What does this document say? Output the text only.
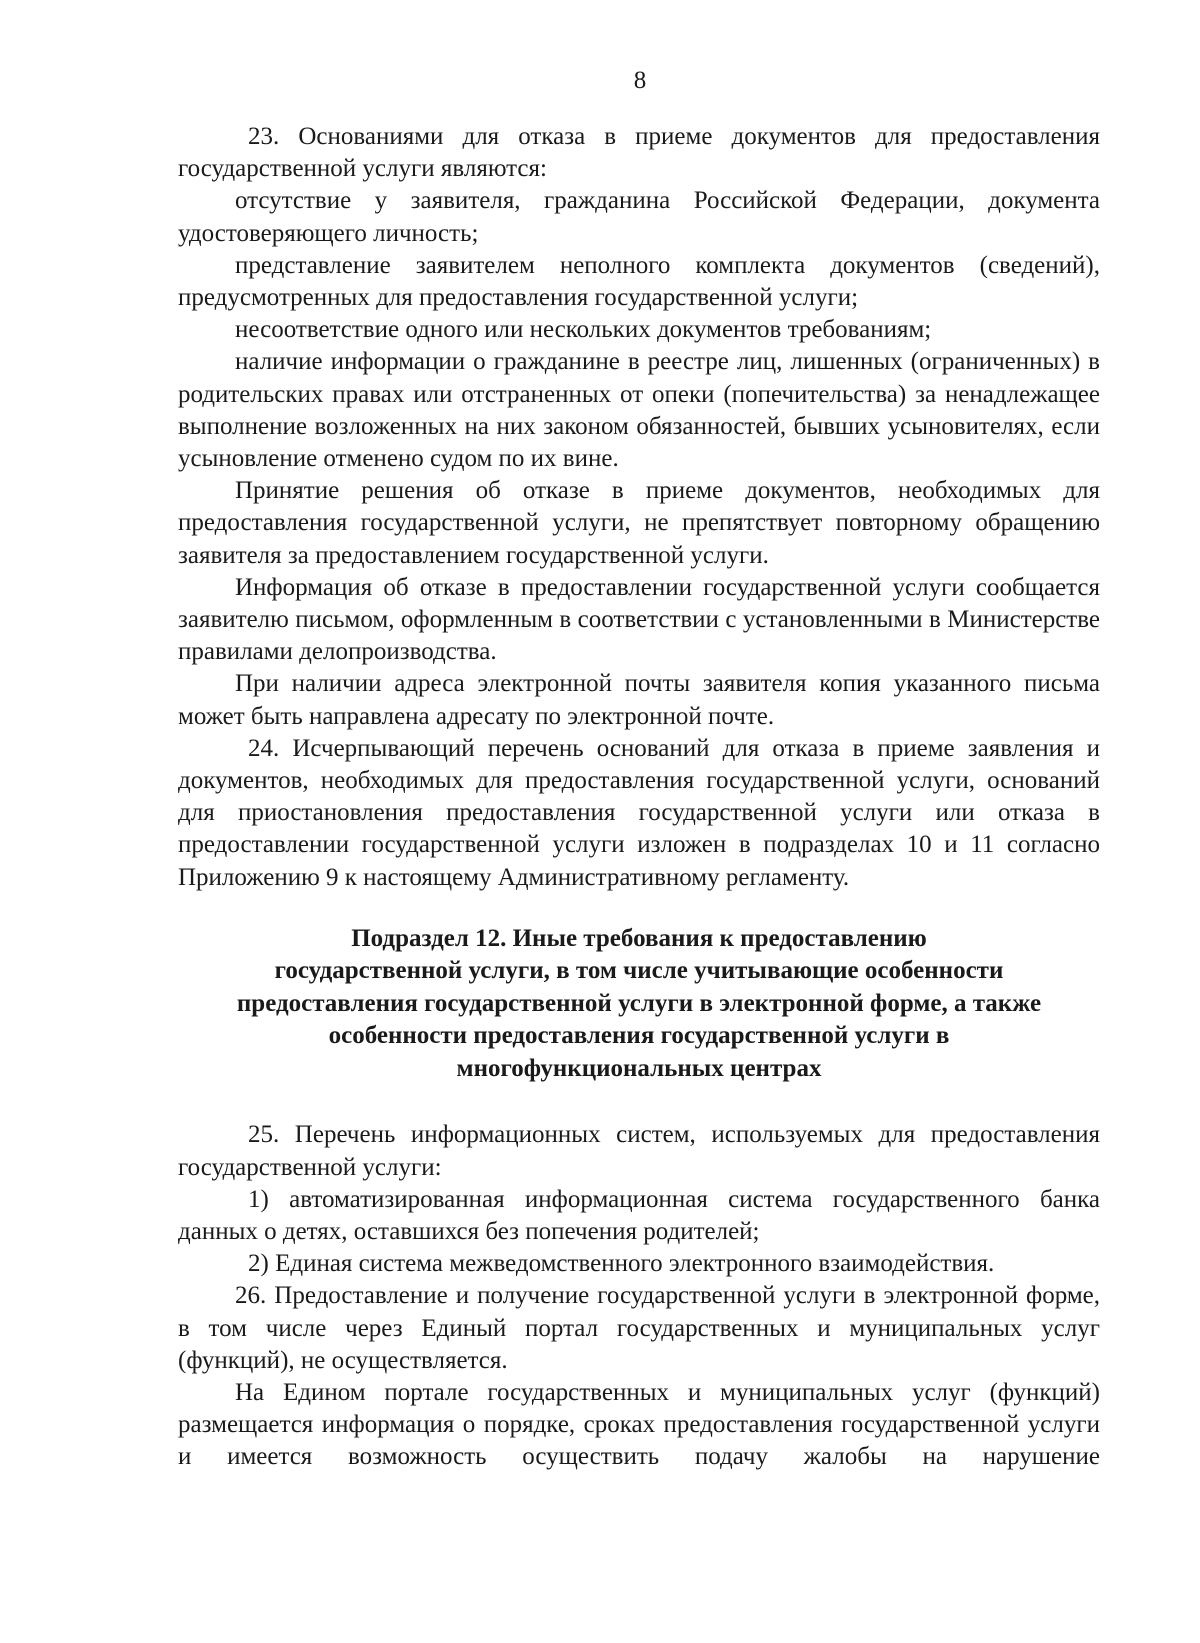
8

23. Основаниями для отказа в приеме документов для предоставления государственной услуги являются:

отсутствие у заявителя, гражданина Российской Федерации, документа удостоверяющего личность;

представление заявителем неполного комплекта документов (сведений), предусмотренных для предоставления государственной услуги;

несоответствие одного или нескольких документов требованиям;

наличие информации о гражданине в реестре лиц, лишенных (ограниченных) в родительских правах или отстраненных от опеки (попечительства) за ненадлежащее выполнение возложенных на них законом обязанностей, бывших усыновителях, если усыновление отменено судом по их вине.

Принятие решения об отказе в приеме документов, необходимых для предоставления государственной услуги, не препятствует повторному обращению заявителя за предоставлением государственной услуги.

Информация об отказе в предоставлении государственной услуги сообщается заявителю письмом, оформленным в соответствии с установленными в Министерстве правилами делопроизводства.

При наличии адреса электронной почты заявителя копия указанного письма может быть направлена адресату по электронной почте.

24. Исчерпывающий перечень оснований для отказа в приеме заявления и документов, необходимых для предоставления государственной услуги, оснований для приостановления предоставления государственной услуги или отказа в предоставлении государственной услуги изложен в подразделах 10 и 11 согласно Приложению 9 к настоящему Административному регламенту.

Подраздел 12. Иные требования к предоставлению
государственной услуги, в том числе учитывающие особенности
предоставления государственной услуги в электронной форме, а также
особенности предоставления государственной услуги в
многофункциональных центрах

25. Перечень информационных систем, используемых для предоставления государственной услуги:

1) автоматизированная информационная система государственного банка данных о детях, оставшихся без попечения родителей;

2) Единая система межведомственного электронного взаимодействия.

26. Предоставление и получение государственной услуги в электронной форме, в том числе через Единый портал государственных и муниципальных услуг (функций), не осуществляется.

На Едином портале государственных и муниципальных услуг (функций) размещается информация о порядке, сроках предоставления государственной услуги и имеется возможность осуществить подачу жалобы на нарушение
